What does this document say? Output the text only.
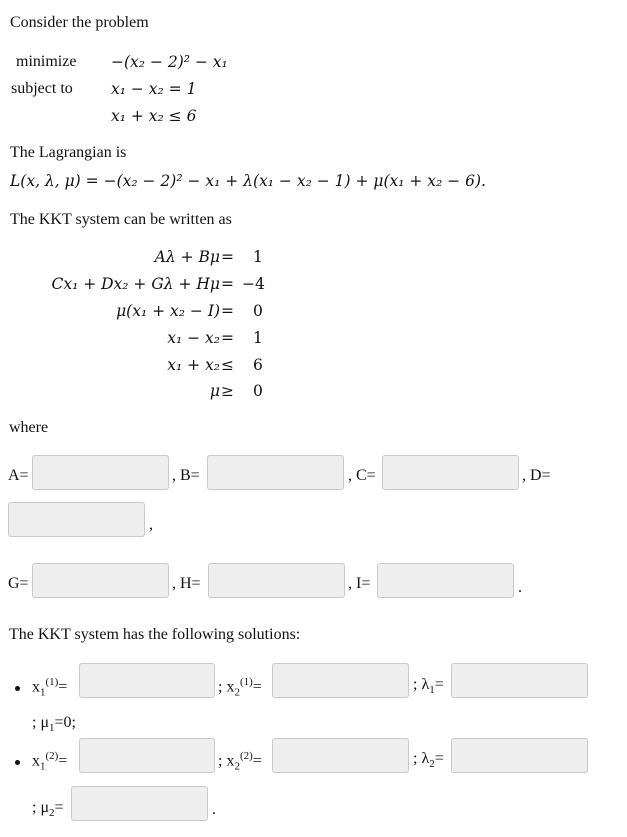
Consider the problem
minimize −(x₂ − 2)² − x₁
subject to x₁ − x₂ = 1
x₁ + x₂ ≤ 6
The Lagrangian is
L(x, λ, μ) = −(x₂ − 2)² − x₁ + λ(x₁ − x₂ − 1) + μ(x₁ + x₂ − 6).
The KKT system can be written as
Aλ + Bμ = 1
Cx₁ + Dx₂ + Gλ + Hμ = −4
μ(x₁ + x₂ − I) = 0
x₁ − x₂ = 1
x₁ + x₂ ≤ 6
μ ≥ 0
where
A=	, B=	, C=	, D=
,
G=	, H=	, I=	.
The KKT system has the following solutions:
$x_1^{(1)}=$	; $x_2^{(1)}=$	; $\lambda_1=$
; $\mu_1=0$;
$x_1^{(2)}=$	; $x_2^{(2)}=$	; $\lambda_2=$
; $\mu_2=$	.
